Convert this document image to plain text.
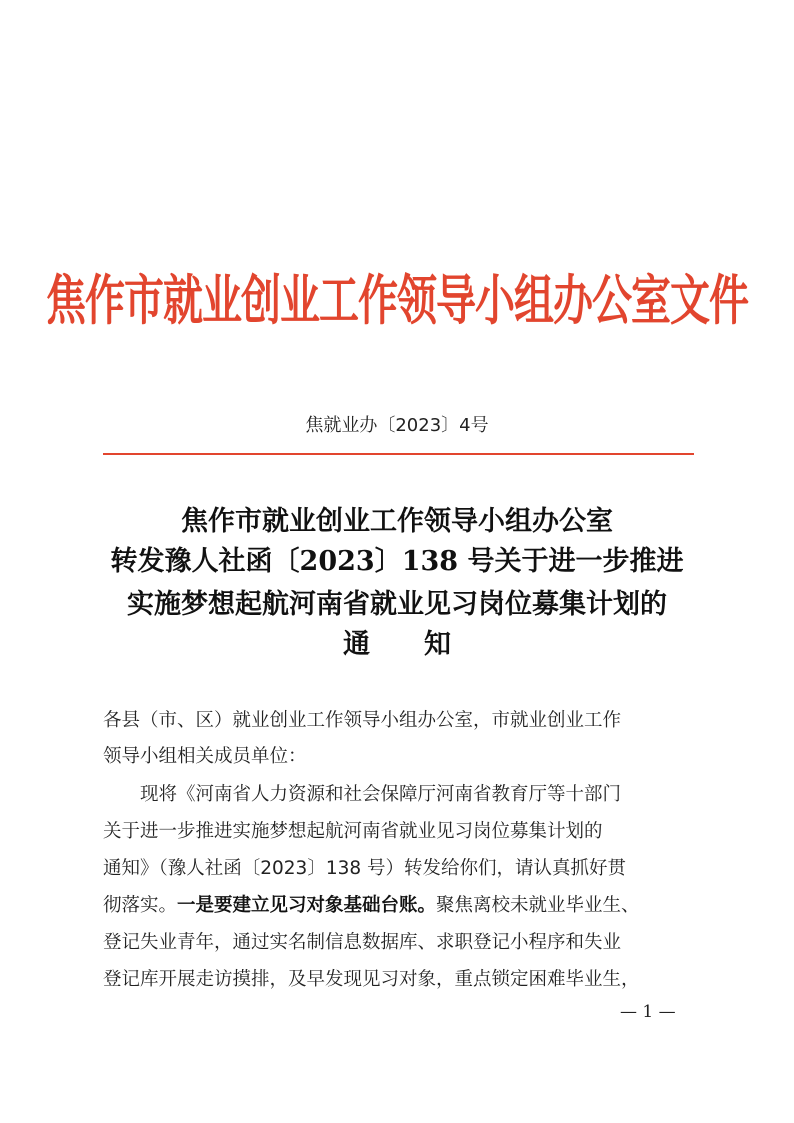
焦作市就业创业工作领导小组办公室文件
焦就业办〔2023〕4号
焦作市就业创业工作领导小组办公室
转发豫人社函〔2023〕138 号关于进一步推进
实施梦想起航河南省就业见习岗位募集计划的
通 知
各县（市、区）就业创业工作领导小组办公室，市就业创业工作
领导小组相关成员单位：
现将《河南省人力资源和社会保障厅河南省教育厅等十部门
关于进一步推进实施梦想起航河南省就业见习岗位募集计划的
通知》（豫人社函〔2023〕138 号）转发给你们，请认真抓好贯
彻落实。一是要建立见习对象基础台账。聚焦离校未就业毕业生、
登记失业青年，通过实名制信息数据库、求职登记小程序和失业
登记库开展走访摸排，及早发现见习对象，重点锁定困难毕业生，
— 1 —
